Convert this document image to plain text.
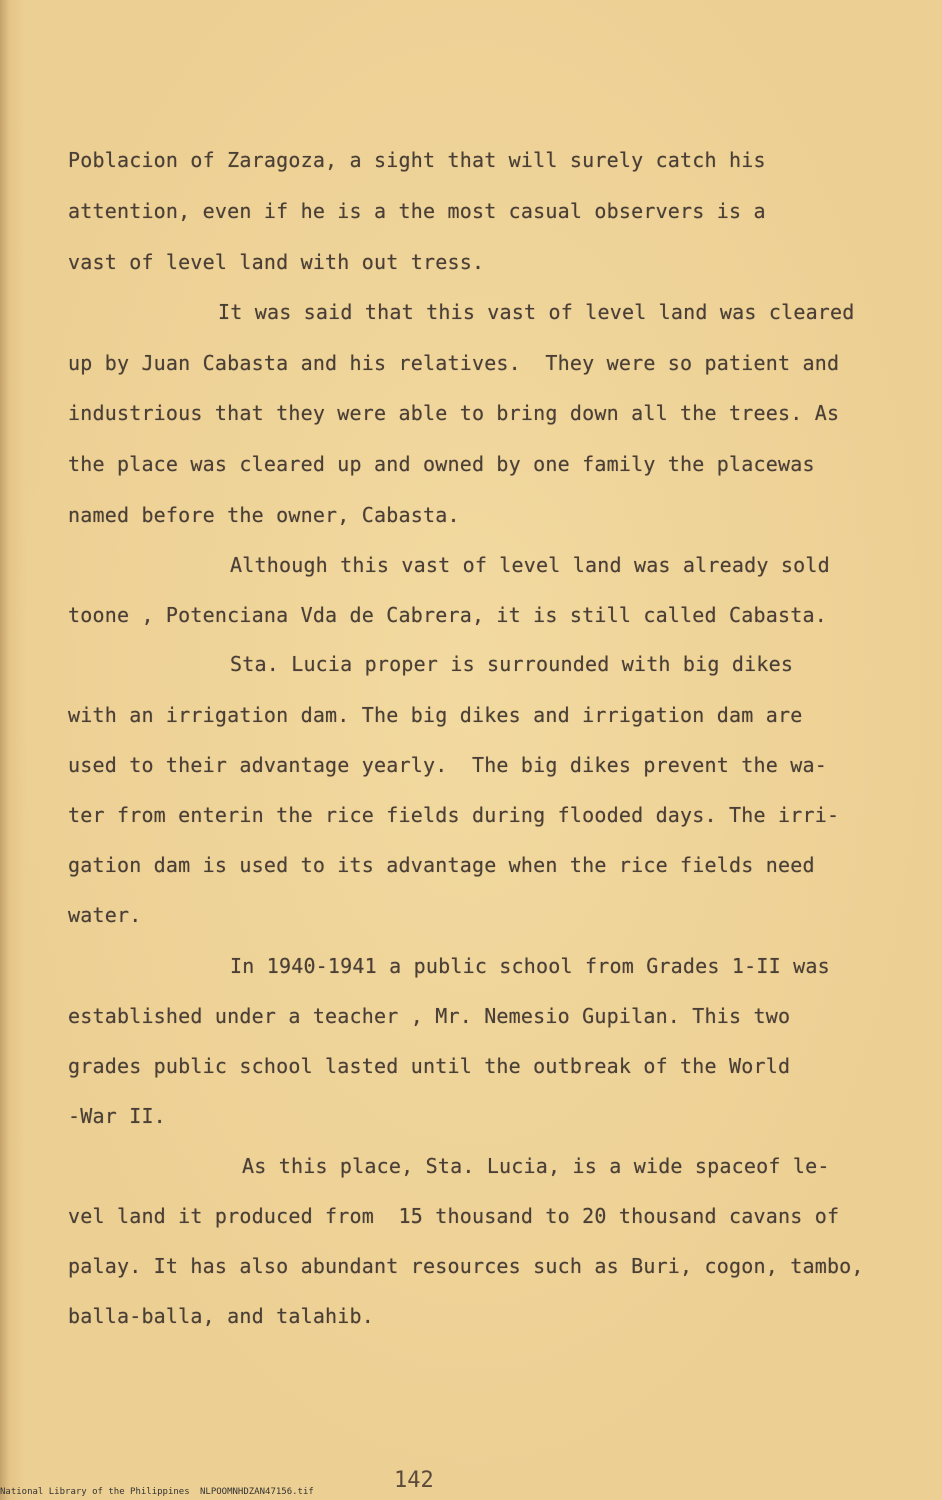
Poblacion of Zaragoza, a sight that will surely catch his
attention, even if he is a the most casual observers is a
vast of level land with out tress.
It was said that this vast of level land was cleared
up by Juan Cabasta and his relatives.  They were so patient and
industrious that they were able to bring down all the trees. As
the place was cleared up and owned by one family the placewas
named before the owner, Cabasta.
Although this vast of level land was already sold
toone , Potenciana Vda de Cabrera, it is still called Cabasta.
Sta. Lucia proper is surrounded with big dikes
with an irrigation dam. The big dikes and irrigation dam are
used to their advantage yearly.  The big dikes prevent the wa-
ter from enterin the rice fields during flooded days. The irri-
gation dam is used to its advantage when the rice fields need
water.
In 1940-1941 a public school from Grades 1-II was
established under a teacher , Mr. Nemesio Gupilan. This two
grades public school lasted until the outbreak of the World
-War II.
As this place, Sta. Lucia, is a wide spaceof le-
vel land it produced from  15 thousand to 20 thousand cavans of
palay. It has also abundant resources such as Buri, cogon, tambo,
balla-balla, and talahib.
142
National Library of the Philippines NLPOOMNHDZAN47156.tif
